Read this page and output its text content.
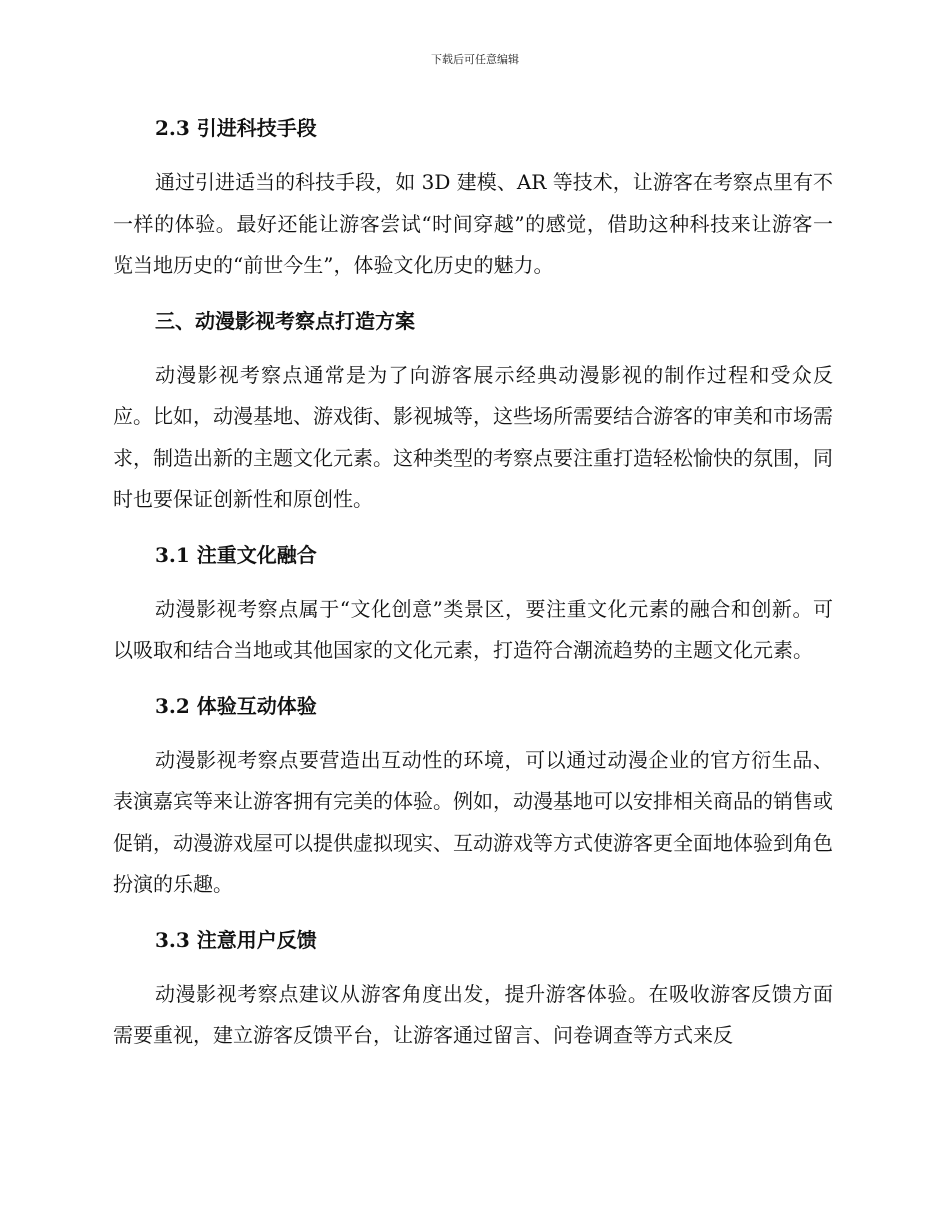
下载后可任意编辑
2.3 引进科技手段

通过引进适当的科技手段，如 3D 建模、AR 等技术，让游客在考察点里有不一样的体验。最好还能让游客尝试“时间穿越”的感觉，借助这种科技来让游客一览当地历史的“前世今生”，体验文化历史的魅力。

三、动漫影视考察点打造方案

动漫影视考察点通常是为了向游客展示经典动漫影视的制作过程和受众反应。比如，动漫基地、游戏街、影视城等，这些场所需要结合游客的审美和市场需求，制造出新的主题文化元素。这种类型的考察点要注重打造轻松愉快的氛围，同时也要保证创新性和原创性。

3.1 注重文化融合

动漫影视考察点属于“文化创意”类景区，要注重文化元素的融合和创新。可以吸取和结合当地或其他国家的文化元素，打造符合潮流趋势的主题文化元素。

3.2 体验互动体验

动漫影视考察点要营造出互动性的环境，可以通过动漫企业的官方衍生品、表演嘉宾等来让游客拥有完美的体验。例如，动漫基地可以安排相关商品的销售或促销，动漫游戏屋可以提供虚拟现实、互动游戏等方式使游客更全面地体验到角色扮演的乐趣。

3.3 注意用户反馈

动漫影视考察点建议从游客角度出发，提升游客体验。在吸收游客反馈方面需要重视，建立游客反馈平台，让游客通过留言、问卷调查等方式来反
